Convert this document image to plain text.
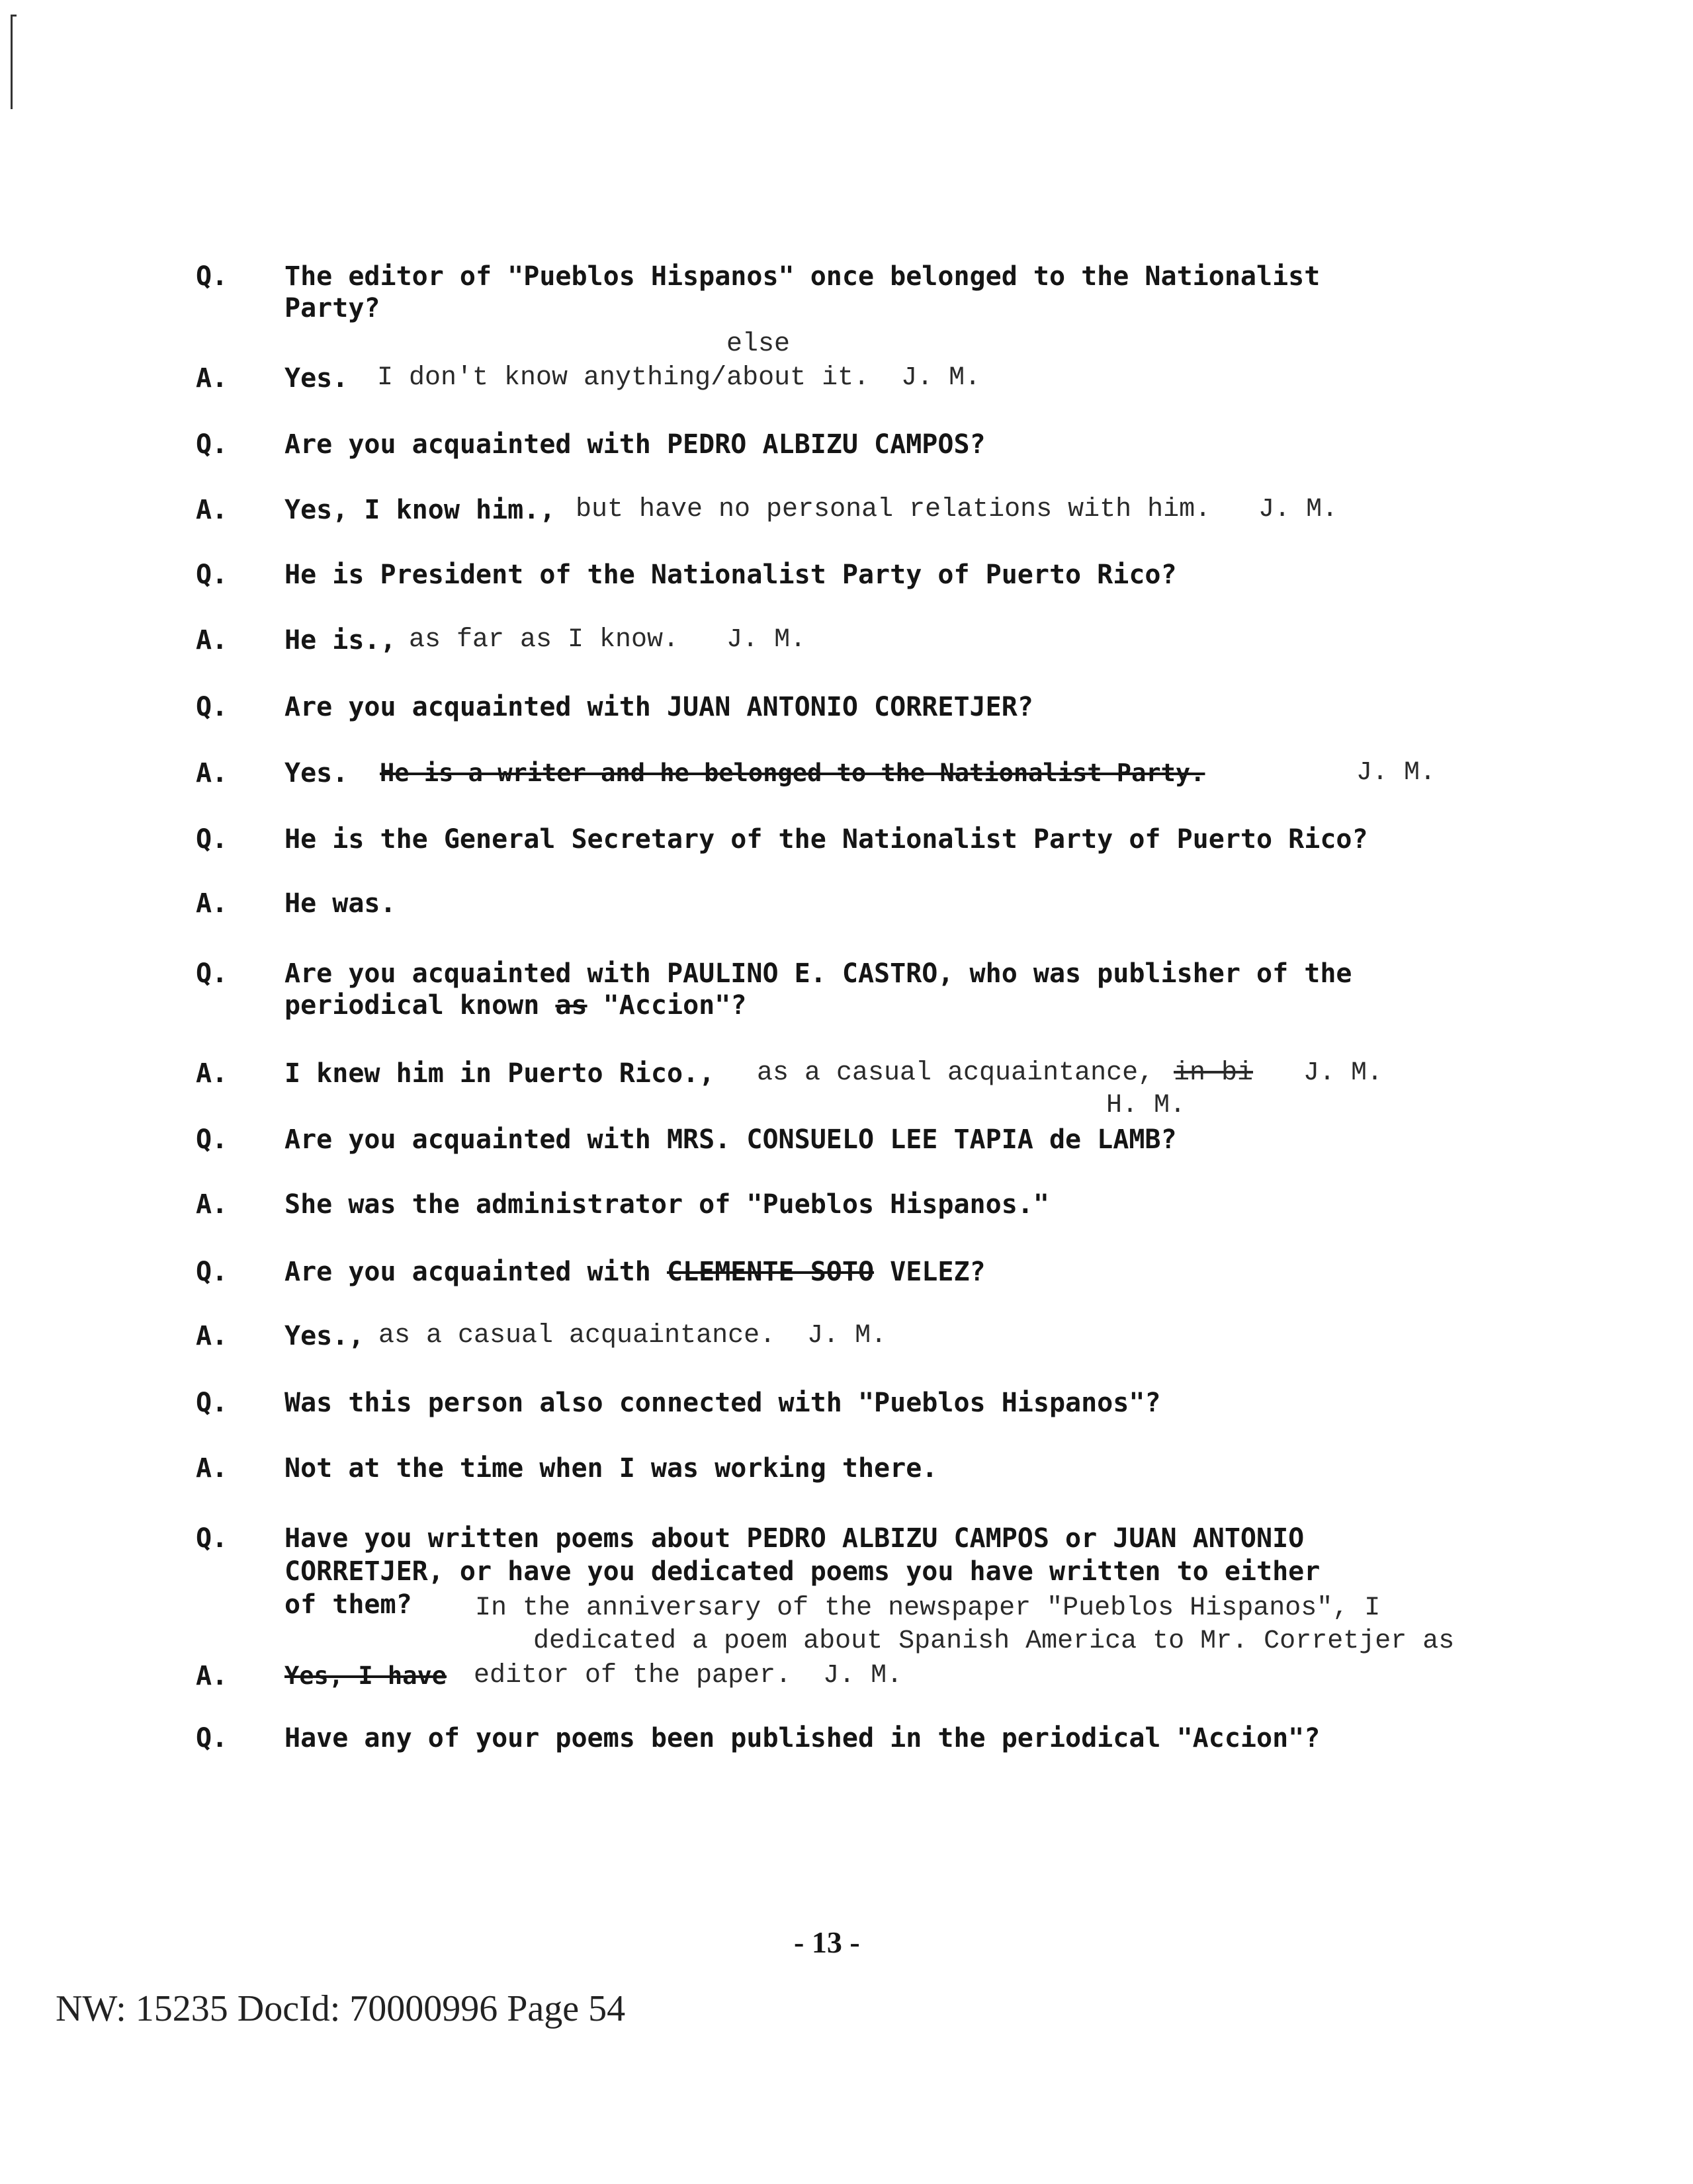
Q. The editor of "Pueblos Hispanos" once belonged to the Nationalist
Party?
else
A. Yes. I don't know anything/about it.  J. M.
Q. Are you acquainted with PEDRO ALBIZU CAMPOS?
A. Yes, I know him., but have no personal relations with him.   J. M.
Q. He is President of the Nationalist Party of Puerto Rico?
A. He is., as far as I know.   J. M.
Q. Are you acquainted with JUAN ANTONIO CORRETJER?
A. Yes. He is a writer and he belonged to the Nationalist Party.	J. M.
Q. He is the General Secretary of the Nationalist Party of Puerto Rico?
A. He was.
Q. Are you acquainted with PAULINO E. CASTRO, who was publisher of the
periodical known as "Accion"?
A. I knew him in Puerto Rico., as a casual acquaintance, in bi J. M.
H. M.
Q. Are you acquainted with MRS. CONSUELO LEE TAPIA de LAMB?
A. She was the administrator of "Pueblos Hispanos."
Q. Are you acquainted with CLEMENTE SOTO VELEZ?
A. Yes., as a casual acquaintance.  J. M.
Q. Was this person also connected with "Pueblos Hispanos"?
A. Not at the time when I was working there.
Q. Have you written poems about PEDRO ALBIZU CAMPOS or JUAN ANTONIO
CORRETJER, or have you dedicated poems you have written to either
of them? In the anniversary of the newspaper "Pueblos Hispanos", I
dedicated a poem about Spanish America to Mr. Corretjer as
A. Yes, I have editor of the paper.  J. M.
Q. Have any of your poems been published in the periodical "Accion"?
- 13 -
NW: 15235 DocId: 70000996 Page 54
